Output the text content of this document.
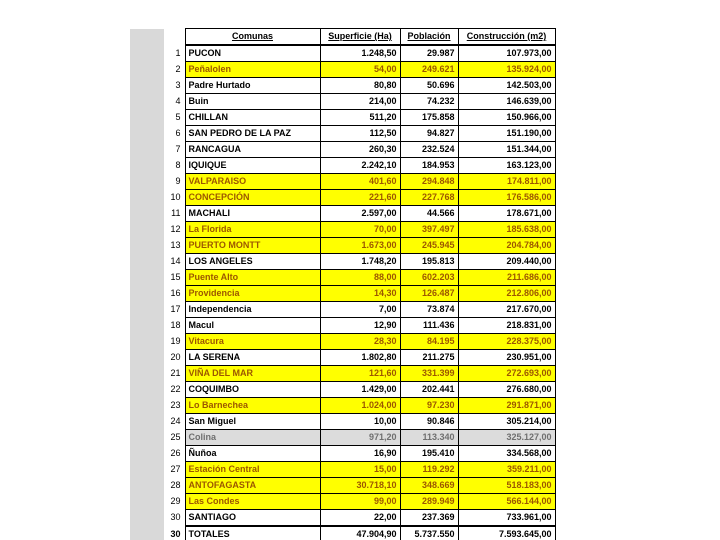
		Comunas	Superficie (Ha)	Población	Construcción (m2)
	1	PUCON	1.248,50	29.987	107.973,00
	2	Peñalolen	54,00	249.621	135.924,00
	3	Padre Hurtado	80,80	50.696	142.503,00
	4	Buin	214,00	74.232	146.639,00
	5	CHILLAN	511,20	175.858	150.966,00
	6	SAN PEDRO DE LA PAZ	112,50	94.827	151.190,00
	7	RANCAGUA	260,30	232.524	151.344,00
	8	IQUIQUE	2.242,10	184.953	163.123,00
	9	VALPARAISO	401,60	294.848	174.811,00
	10	CONCEPCIÓN	221,60	227.768	176.586,00
	11	MACHALI	2.597,00	44.566	178.671,00
	12	La Florida	70,00	397.497	185.638,00
	13	PUERTO MONTT	1.673,00	245.945	204.784,00
	14	LOS ANGELES	1.748,20	195.813	209.440,00
	15	Puente Alto	88,00	602.203	211.686,00
	16	Providencia	14,30	126.487	212.806,00
	17	Independencia	7,00	73.874	217.670,00
	18	Macul	12,90	111.436	218.831,00
	19	Vitacura	28,30	84.195	228.375,00
	20	LA SERENA	1.802,80	211.275	230.951,00
	21	VIÑA DEL MAR	121,60	331.399	272.693,00
	22	COQUIMBO	1.429,00	202.441	276.680,00
	23	Lo Barnechea	1.024,00	97.230	291.871,00
	24	San Miguel	10,00	90.846	305.214,00
	25	Colina	971,20	113.340	325.127,00
	26	Ñuñoa	16,90	195.410	334.568,00
	27	Estación Central	15,00	119.292	359.211,00
	28	ANTOFAGASTA	30.718,10	348.669	518.183,00
	29	Las Condes	99,00	289.949	566.144,00
	30	SANTIAGO	22,00	237.369	733.961,00
	30	TOTALES	47.904,90	5.737.550	7.593.645,00
